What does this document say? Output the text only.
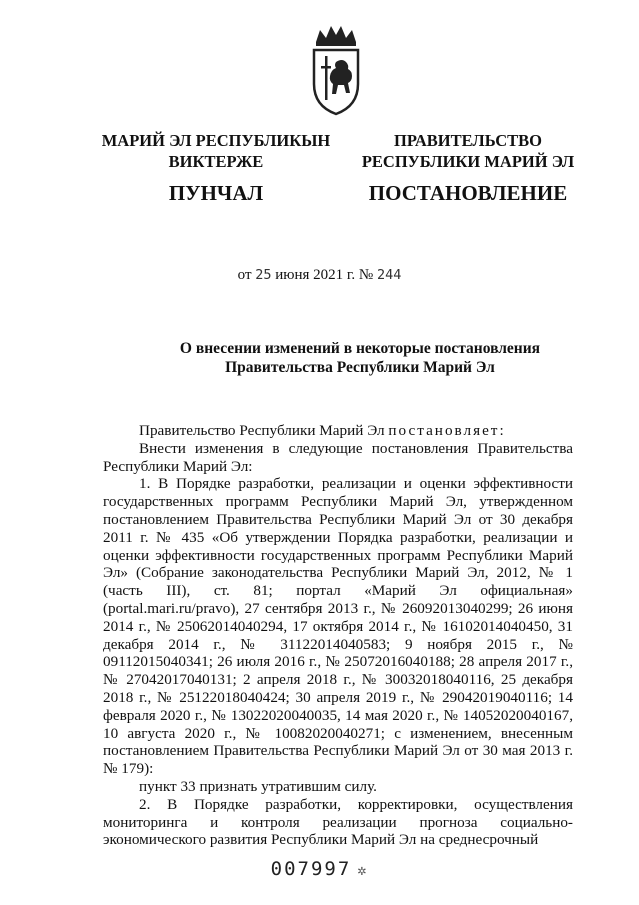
МАРИЙ ЭЛ РЕСПУБЛИКЫН
ВИКТЕРЖЕ
ПУНЧАЛ
ПРАВИТЕЛЬСТВО
РЕСПУБЛИКИ МАРИЙ ЭЛ
ПОСТАНОВЛЕНИЕ
от 25 июня 2021 г. № 244
О внесении изменений в некоторые постановления
Правительства Республики Марий Эл

Правительство Республики Марий Эл постановляет:

Внести изменения в следующие постановления Правительства Республики Марий Эл:

1. В Порядке разработки, реализации и оценки эффективности государственных программ Республики Марий Эл, утвержденном постановлением Правительства Республики Марий Эл от 30 декабря 2011 г. № 435 «Об утверждении Порядка разработки, реализации и оценки эффективности государственных программ Республики Марий Эл» (Собрание законодательства Республики Марий Эл, 2012, № 1 (часть III), ст. 81; портал «Марий Эл официальная» (portal.mari.ru/pravo), 27 сентября 2013 г., № 26092013040299; 26 июня 2014 г., № 25062014040294, 17 октября 2014 г., № 16102014040450, 31 декабря 2014 г., № 31122014040583; 9 ноября 2015 г., № 09112015040341; 26 июля 2016 г., № 25072016040188; 28 апреля 2017 г., № 27042017040131; 2 апреля 2018 г., № 30032018040116, 25 декабря 2018 г., № 25122018040424; 30 апреля 2019 г., № 29042019040116; 14 февраля 2020 г., № 13022020040035, 14 мая 2020 г., № 14052020040167, 10 августа 2020 г., № 10082020040271; с изменением, внесенным постановлением Правительства Республики Марий Эл от 30 мая 2013 г. № 179):

пункт 33 признать утратившим силу.

2. В Порядке разработки, корректировки, осуществления мониторинга и контроля реализации прогноза социально-экономического развития Республики Марий Эл на среднесрочный

007997 ✲
